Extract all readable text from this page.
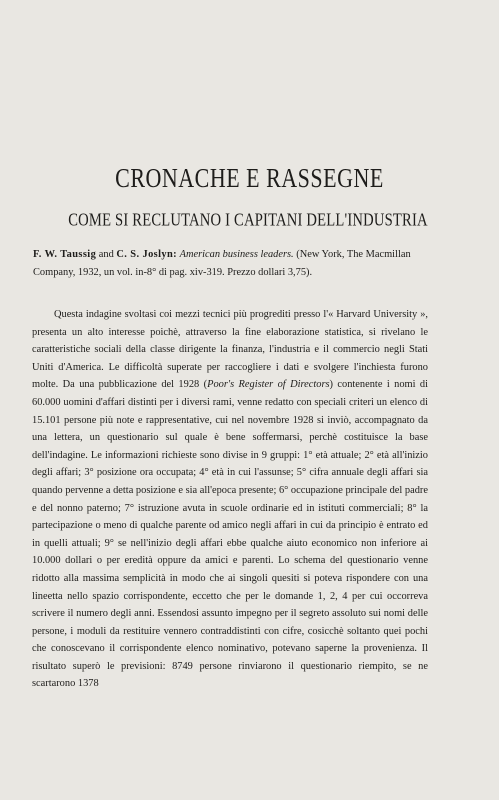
CRONACHE E RASSEGNE
COME SI RECLUTANO I CAPITANI DELL'INDUSTRIA
F. W. Taussig and C. S. Joslyn: American business leaders. (New York, The Macmillan Company, 1932, un vol. in-8° di pag. xiv-319. Prezzo dollari 3,75).
Questa indagine svoltasi coi mezzi tecnici più progrediti presso l'« Harvard University », presenta un alto interesse poichè, attraverso la fine elaborazione statistica, si rivelano le caratteristiche sociali della classe dirigente la finanza, l'industria e il commercio negli Stati Uniti d'America. Le difficoltà superate per raccogliere i dati e svolgere l'inchiesta furono molte. Da una pubblicazione del 1928 (Poor's Register of Directors) contenente i nomi di 60.000 uomini d'affari distinti per i diversi rami, venne redatto con speciali criteri un elenco di 15.101 persone più note e rappresentative, cui nel novembre 1928 si inviò, accompagnato da una lettera, un questionario sul quale è bene soffermarsi, perchè costituisce la base dell'indagine. Le informazioni richieste sono divise in 9 gruppi: 1° età attuale; 2° età all'inizio degli affari; 3° posizione ora occupata; 4° età in cui l'assunse; 5° cifra annuale degli affari sia quando pervenne a detta posizione e sia all'epoca presente; 6° occupazione principale del padre e del nonno paterno; 7° istruzione avuta in scuole ordinarie ed in istituti commerciali; 8° la partecipazione o meno di qualche parente od amico negli affari in cui da principio è entrato ed in quelli attuali; 9° se nell'inizio degli affari ebbe qualche aiuto economico non inferiore ai 10.000 dollari o per eredità oppure da amici e parenti. Lo schema del questionario venne ridotto alla massima semplicità in modo che ai singoli quesiti si poteva rispondere con una lineetta nello spazio corrispondente, eccetto che per le domande 1, 2, 4 per cui occorreva scrivere il numero degli anni. Essendosi assunto impegno per il segreto assoluto sui nomi delle persone, i moduli da restituire vennero contraddistinti con cifre, cosicchè soltanto quei pochi che conoscevano il corrispondente elenco nominativo, potevano saperne la provenienza. Il risultato superò le previsioni: 8749 persone rinviarono il questionario riempito, se ne scartarono 1378
